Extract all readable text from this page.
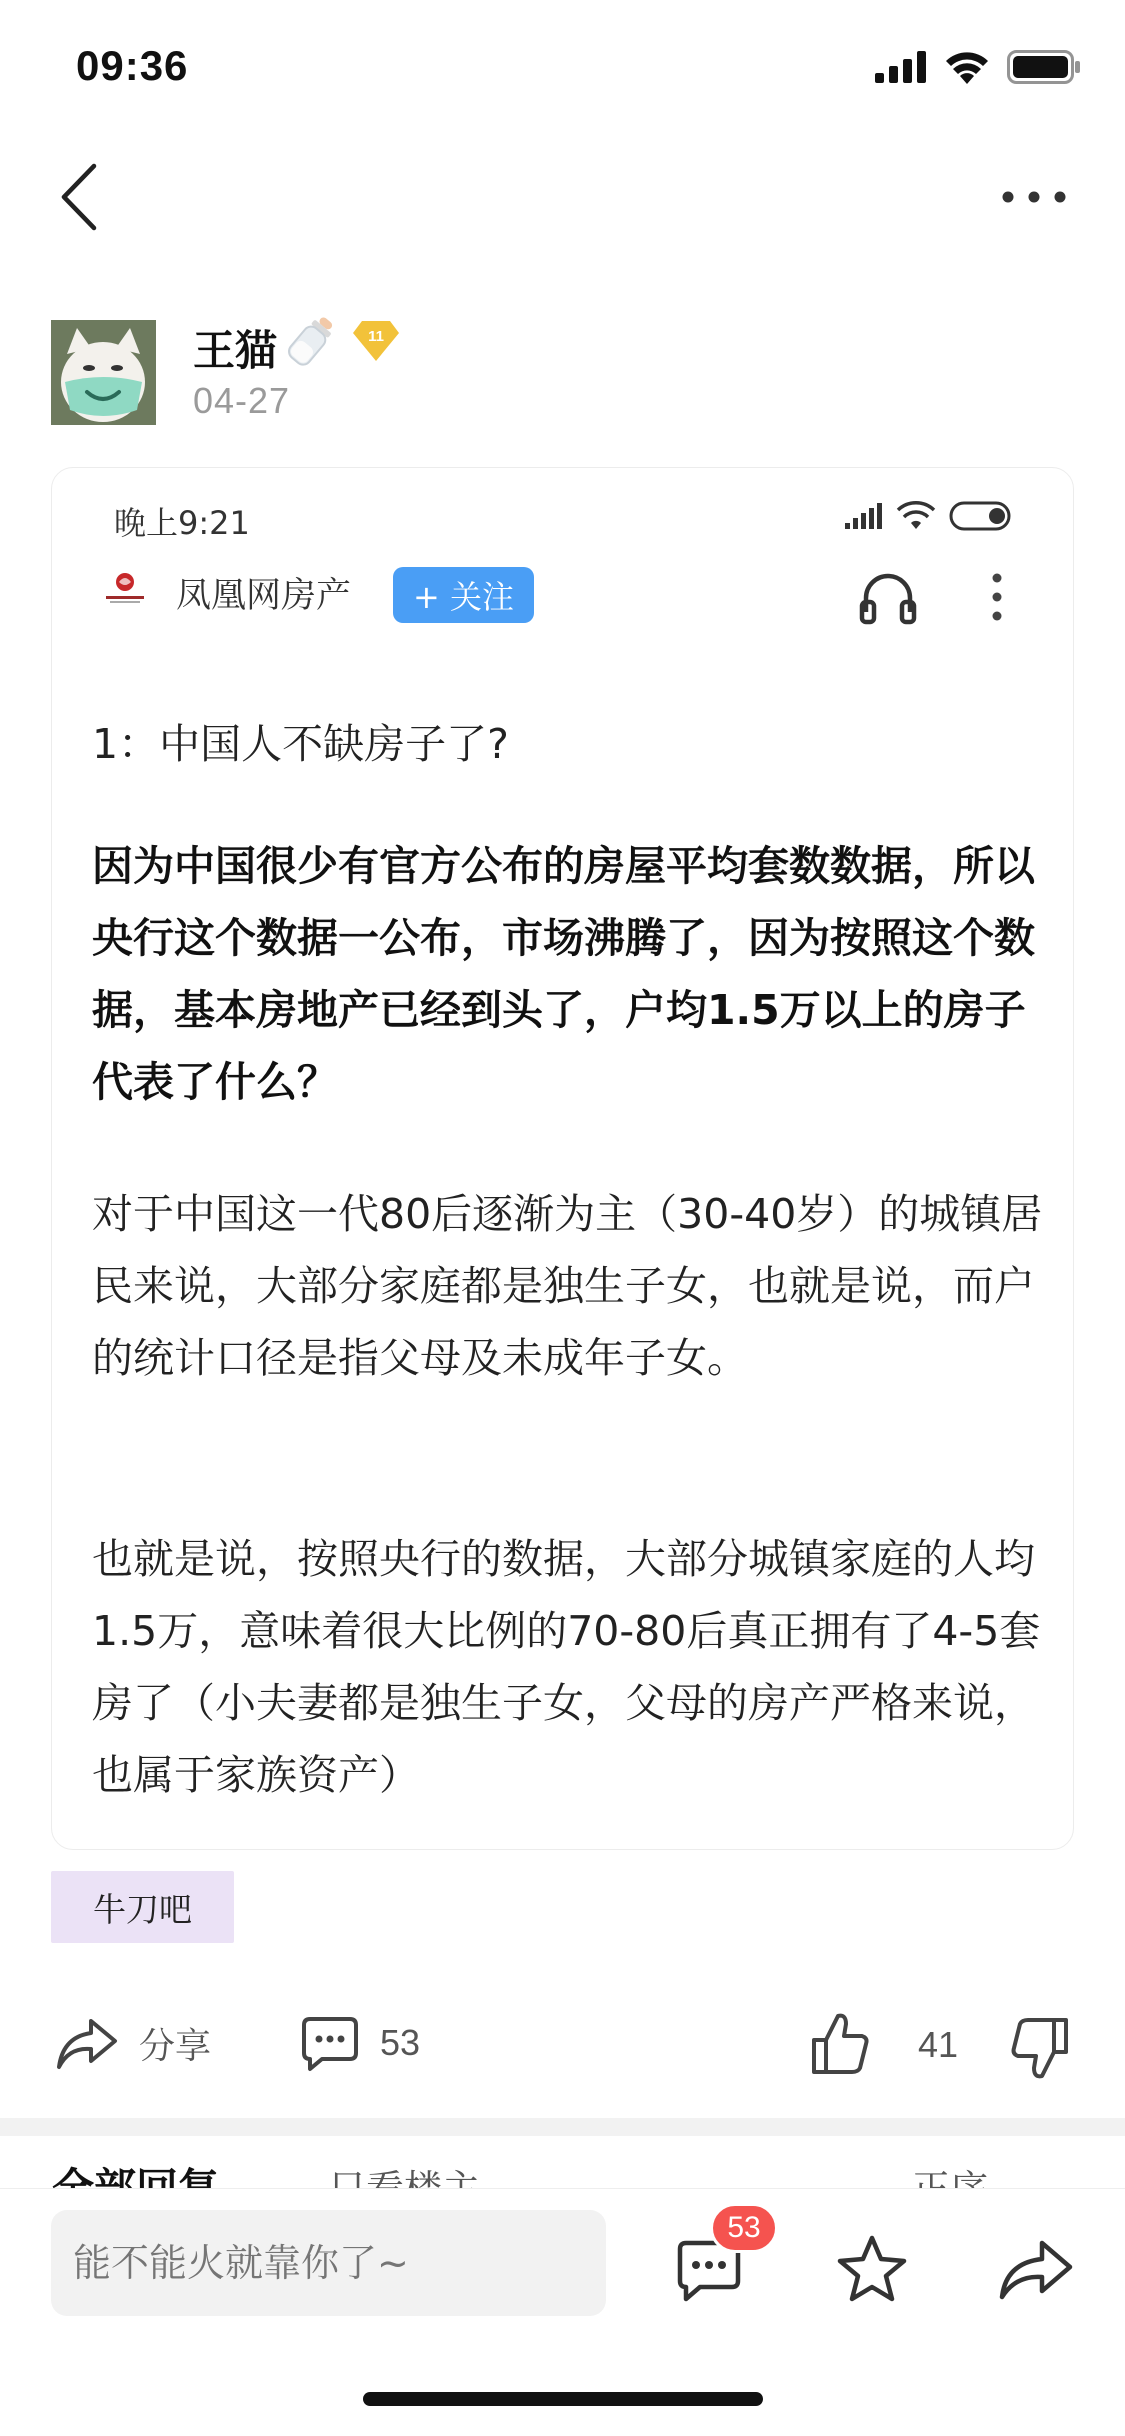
09:36
王猫	11
04-27
晚上9:21
凤凰网房产	+ 关注
1：中国人不缺房子了?
因为中国很少有官方公布的房屋平均套数数据，所以央行这个数据一公布，市场沸腾了，因为按照这个数据，基本房地产已经到头了，户均1.5万以上的房子代表了什么？
对于中国这一代80后逐渐为主（30-40岁）的城镇居民来说，大部分家庭都是独生子女，也就是说，而户的统计口径是指父母及未成年子女。
也就是说，按照央行的数据，大部分城镇家庭的人均1.5万，意味着很大比例的70-80后真正拥有了4-5套房了（小夫妻都是独生子女，父母的房产严格来说，也属于家族资产）
牛刀吧
分享	53	41
能不能火就靠你了~
53
